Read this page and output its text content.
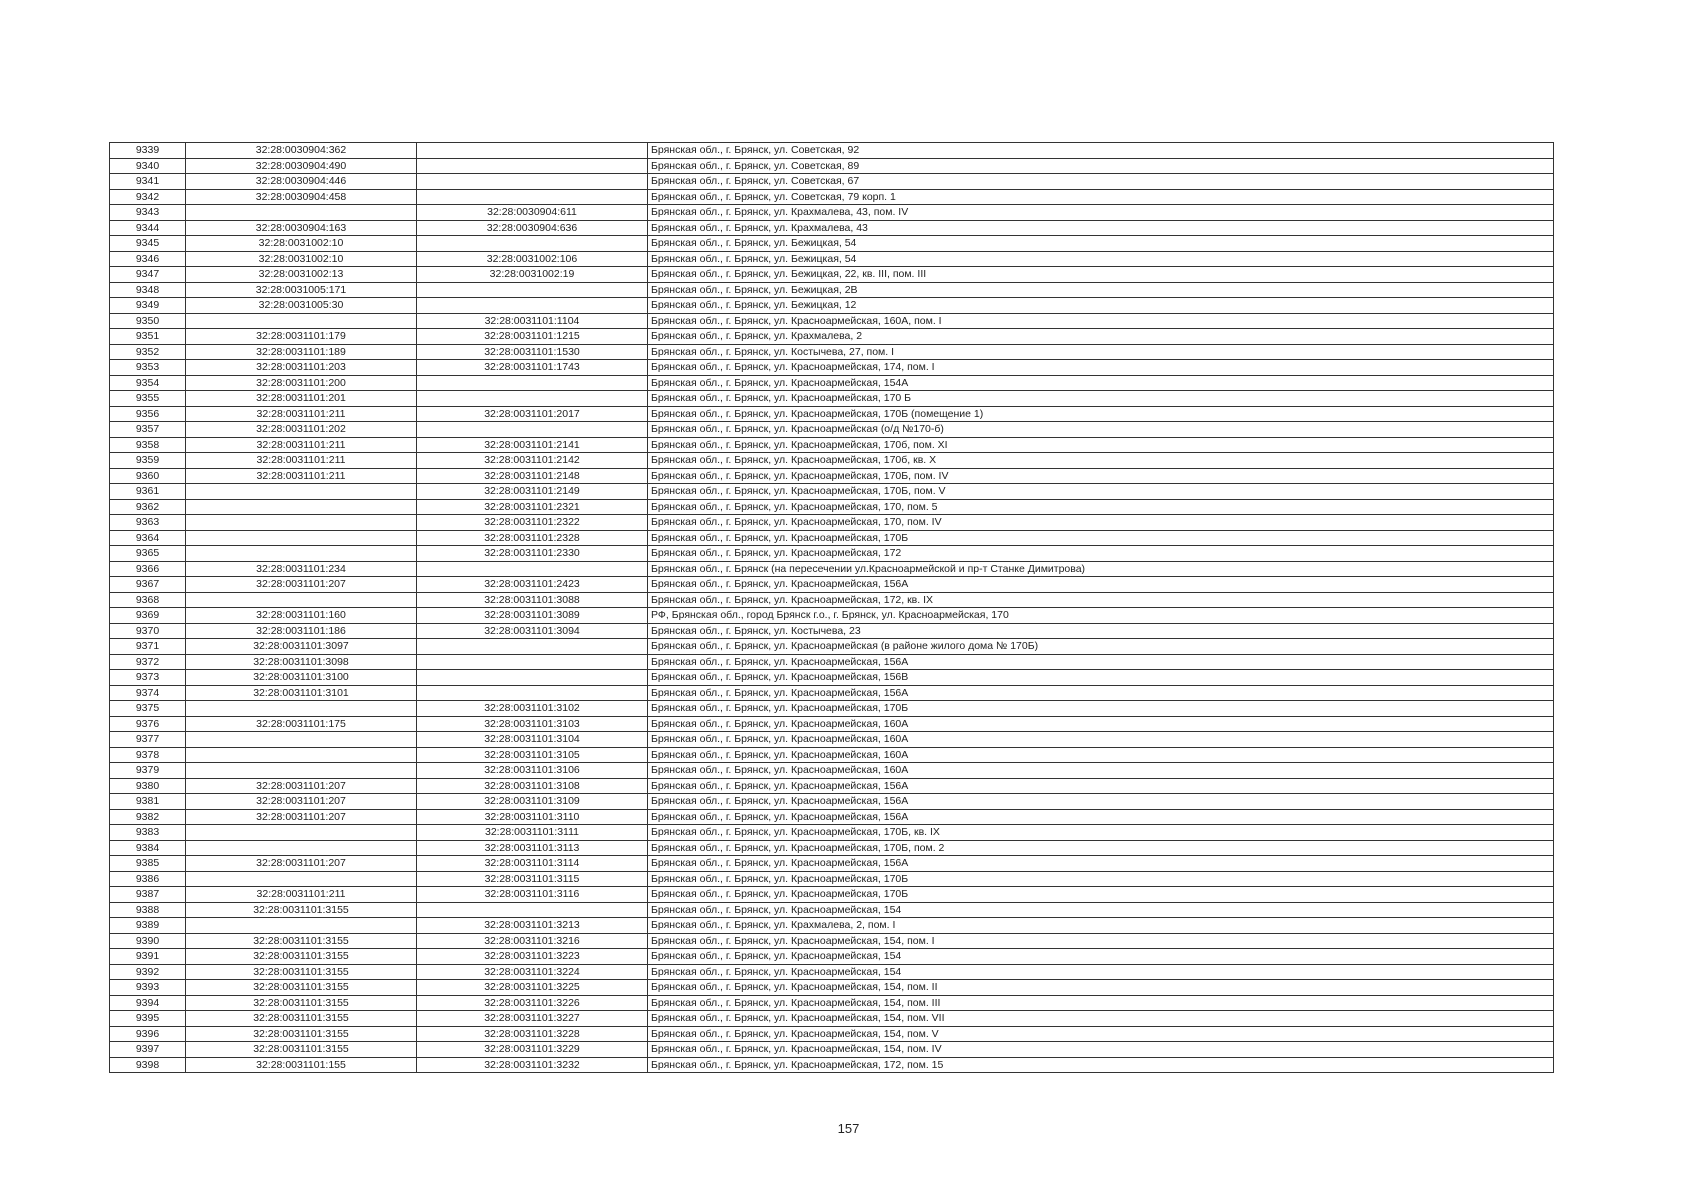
9339	32:28:0030904:362		Брянская обл., г. Брянск, ул. Советская, 92
9340	32:28:0030904:490		Брянская обл., г. Брянск, ул. Советская, 89
9341	32:28:0030904:446		Брянская обл., г. Брянск, ул. Советская, 67
9342	32:28:0030904:458		Брянская обл., г. Брянск, ул. Советская, 79 корп. 1
9343		32:28:0030904:611	Брянская обл., г. Брянск, ул. Крахмалева, 43, пом. IV
9344	32:28:0030904:163	32:28:0030904:636	Брянская обл., г. Брянск, ул. Крахмалева, 43
9345	32:28:0031002:10		Брянская обл., г. Брянск, ул. Бежицкая, 54
9346	32:28:0031002:10	32:28:0031002:106	Брянская обл., г. Брянск, ул. Бежицкая, 54
9347	32:28:0031002:13	32:28:0031002:19	Брянская обл., г. Брянск, ул. Бежицкая, 22, кв. III, пом. III
9348	32:28:0031005:171		Брянская обл., г. Брянск, ул. Бежицкая, 2В
9349	32:28:0031005:30		Брянская обл., г. Брянск, ул. Бежицкая, 12
9350		32:28:0031101:1104	Брянская обл., г. Брянск, ул. Красноармейская, 160А, пом. I
9351	32:28:0031101:179	32:28:0031101:1215	Брянская обл., г. Брянск, ул. Крахмалева, 2
9352	32:28:0031101:189	32:28:0031101:1530	Брянская обл., г. Брянск, ул. Костычева, 27, пом. I
9353	32:28:0031101:203	32:28:0031101:1743	Брянская обл., г. Брянск, ул. Красноармейская, 174, пом. I
9354	32:28:0031101:200		Брянская обл., г. Брянск, ул. Красноармейская, 154А
9355	32:28:0031101:201		Брянская обл., г. Брянск, ул. Красноармейская, 170 Б
9356	32:28:0031101:211	32:28:0031101:2017	Брянская обл., г. Брянск, ул. Красноармейская, 170Б (помещение 1)
9357	32:28:0031101:202		Брянская обл., г. Брянск, ул. Красноармейская (о/д №170-б)
9358	32:28:0031101:211	32:28:0031101:2141	Брянская обл., г. Брянск, ул. Красноармейская, 170б, пом. XI
9359	32:28:0031101:211	32:28:0031101:2142	Брянская обл., г. Брянск, ул. Красноармейская, 170б, кв. X
9360	32:28:0031101:211	32:28:0031101:2148	Брянская обл., г. Брянск, ул. Красноармейская, 170Б, пом. IV
9361		32:28:0031101:2149	Брянская обл., г. Брянск, ул. Красноармейская, 170Б, пом. V
9362		32:28:0031101:2321	Брянская обл., г. Брянск, ул. Красноармейская, 170, пом. 5
9363		32:28:0031101:2322	Брянская обл., г. Брянск, ул. Красноармейская, 170, пом. IV
9364		32:28:0031101:2328	Брянская обл., г. Брянск, ул. Красноармейская, 170Б
9365		32:28:0031101:2330	Брянская обл., г. Брянск, ул. Красноармейская, 172
9366	32:28:0031101:234		Брянская обл., г. Брянск (на пересечении ул.Красноармейской и пр-т Станке Димитрова)
9367	32:28:0031101:207	32:28:0031101:2423	Брянская обл., г. Брянск, ул. Красноармейская, 156А
9368		32:28:0031101:3088	Брянская обл., г. Брянск, ул. Красноармейская, 172, кв. IX
9369	32:28:0031101:160	32:28:0031101:3089	РФ, Брянская обл., город Брянск г.о., г. Брянск, ул. Красноармейская, 170
9370	32:28:0031101:186	32:28:0031101:3094	Брянская обл., г. Брянск, ул. Костычева, 23
9371	32:28:0031101:3097		Брянская обл., г. Брянск, ул. Красноармейская (в районе жилого дома № 170Б)
9372	32:28:0031101:3098		Брянская обл., г. Брянск, ул. Красноармейская, 156А
9373	32:28:0031101:3100		Брянская обл., г. Брянск, ул. Красноармейская, 156В
9374	32:28:0031101:3101		Брянская обл., г. Брянск, ул. Красноармейская, 156А
9375		32:28:0031101:3102	Брянская обл., г. Брянск, ул. Красноармейская, 170Б
9376	32:28:0031101:175	32:28:0031101:3103	Брянская обл., г. Брянск, ул. Красноармейская, 160А
9377		32:28:0031101:3104	Брянская обл., г. Брянск, ул. Красноармейская, 160А
9378		32:28:0031101:3105	Брянская обл., г. Брянск, ул. Красноармейская, 160А
9379		32:28:0031101:3106	Брянская обл., г. Брянск, ул. Красноармейская, 160А
9380	32:28:0031101:207	32:28:0031101:3108	Брянская обл., г. Брянск, ул. Красноармейская, 156А
9381	32:28:0031101:207	32:28:0031101:3109	Брянская обл., г. Брянск, ул. Красноармейская, 156А
9382	32:28:0031101:207	32:28:0031101:3110	Брянская обл., г. Брянск, ул. Красноармейская, 156А
9383		32:28:0031101:3111	Брянская обл., г. Брянск, ул. Красноармейская, 170Б, кв. IX
9384		32:28:0031101:3113	Брянская обл., г. Брянск, ул. Красноармейская, 170Б, пом. 2
9385	32:28:0031101:207	32:28:0031101:3114	Брянская обл., г. Брянск, ул. Красноармейская, 156А
9386		32:28:0031101:3115	Брянская обл., г. Брянск, ул. Красноармейская, 170Б
9387	32:28:0031101:211	32:28:0031101:3116	Брянская обл., г. Брянск, ул. Красноармейская, 170Б
9388	32:28:0031101:3155		Брянская обл., г. Брянск, ул. Красноармейская, 154
9389		32:28:0031101:3213	Брянская обл., г. Брянск, ул. Крахмалева, 2, пом. I
9390	32:28:0031101:3155	32:28:0031101:3216	Брянская обл., г. Брянск, ул. Красноармейская, 154, пом. I
9391	32:28:0031101:3155	32:28:0031101:3223	Брянская обл., г. Брянск, ул. Красноармейская, 154
9392	32:28:0031101:3155	32:28:0031101:3224	Брянская обл., г. Брянск, ул. Красноармейская, 154
9393	32:28:0031101:3155	32:28:0031101:3225	Брянская обл., г. Брянск, ул. Красноармейская, 154, пом. II
9394	32:28:0031101:3155	32:28:0031101:3226	Брянская обл., г. Брянск, ул. Красноармейская, 154, пом. III
9395	32:28:0031101:3155	32:28:0031101:3227	Брянская обл., г. Брянск, ул. Красноармейская, 154, пом. VII
9396	32:28:0031101:3155	32:28:0031101:3228	Брянская обл., г. Брянск, ул. Красноармейская, 154, пом. V
9397	32:28:0031101:3155	32:28:0031101:3229	Брянская обл., г. Брянск, ул. Красноармейская, 154, пом. IV
9398	32:28:0031101:155	32:28:0031101:3232	Брянская обл., г. Брянск, ул. Красноармейская, 172, пом. 15
157
